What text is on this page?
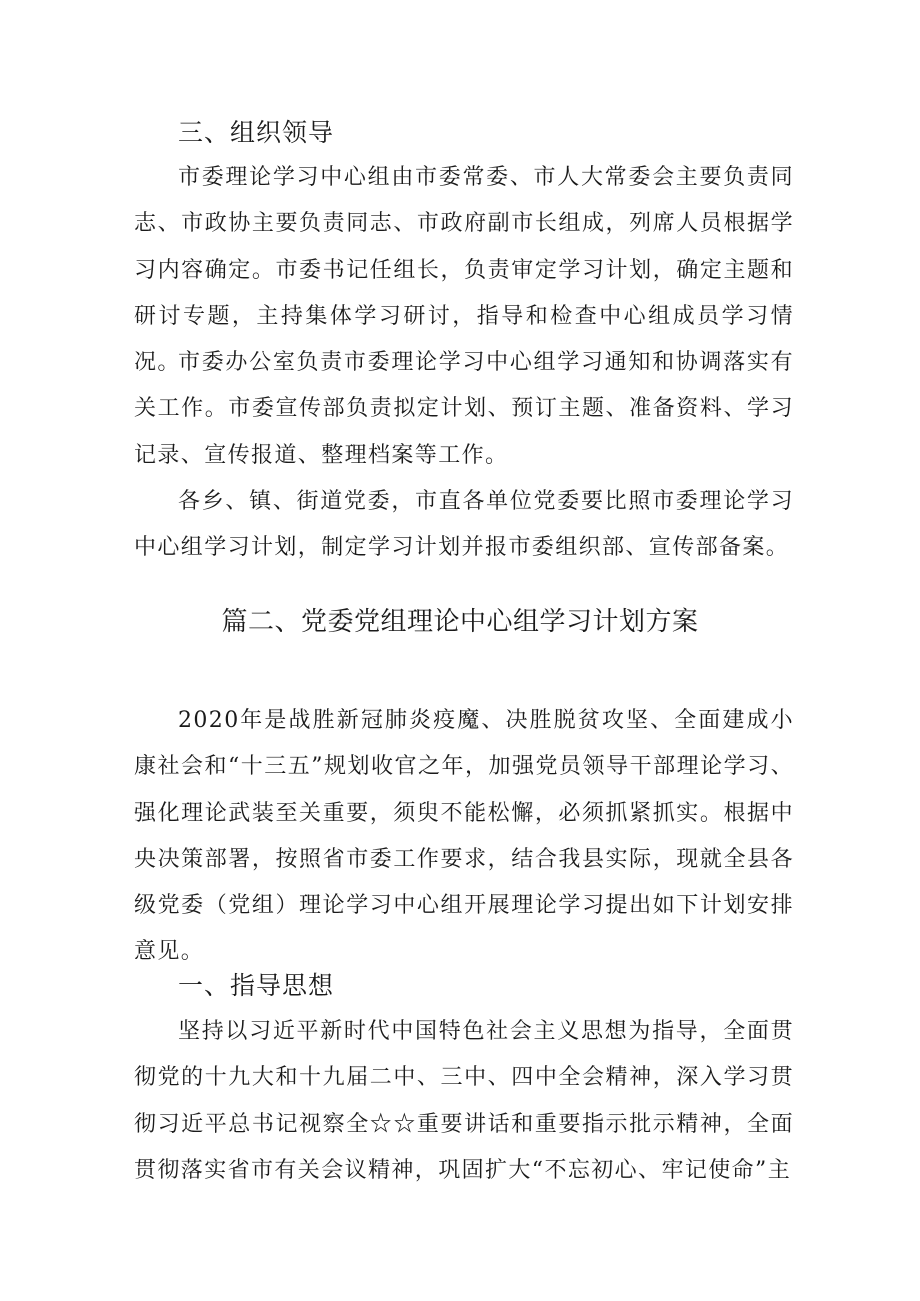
三、组织领导

市委理论学习中心组由市委常委、市人大常委会主要负责同志、市政协主要负责同志、市政府副市长组成，列席人员根据学习内容确定。市委书记任组长，负责审定学习计划，确定主题和研讨专题，主持集体学习研讨，指导和检查中心组成员学习情况。

市委办公室负责市委理论学习中心组学习通知和协调落实有关工作。市委宣传部负责拟定计划、预订主题、准备资料、学习记录、宣传报道、整理档案等工作。

各乡、镇、街道党委，市直各单位党委要比照市委理论学习中心组学习计划，制定学习计划并报市委组织部、宣传部备案。

篇二、党委党组理论中心组学习计划方案

2020年是战胜新冠肺炎疫魔、决胜脱贫攻坚、全面建成小康社会和“十三五”规划收官之年，加强党员领导干部理论学习、强化理论武装至关重要，须臾不能松懈，必须抓紧抓实。根据中央决策部署，按照省市委工作要求，结合我县实际，现就全县各级党委（党组）理论学习中心组开展理论学习提出如下计划安排意见。

一、指导思想

坚持以习近平新时代中国特色社会主义思想为指导，全面贯彻党的十九大和十九届二中、三中、四中全会精神，深入学习贯彻习近平总书记视察全☆☆重要讲话和重要指示批示精神，全面贯彻落实省市有关会议精神，巩固扩大“不忘初心、牢记使命”主
